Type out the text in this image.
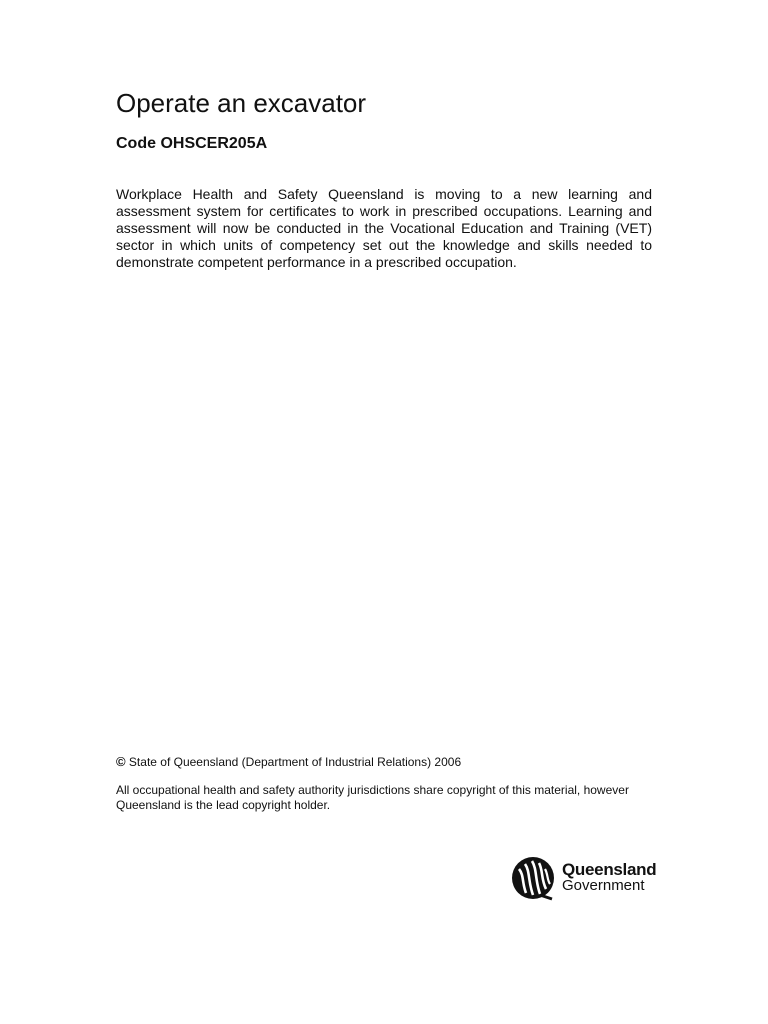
Operate an excavator

Code OHSCER205A

Workplace Health and Safety Queensland is moving to a new learning and assessment system for certificates to work in prescribed occupations. Learning and assessment will now be conducted in the Vocational Education and Training (VET) sector in which units of competency set out the knowledge and skills needed to demonstrate competent performance in a prescribed occupation.

© State of Queensland (Department of Industrial Relations) 2006

All occupational health and safety authority jurisdictions share copyright of this material, however Queensland is the lead copyright holder.

Queensland
Government
